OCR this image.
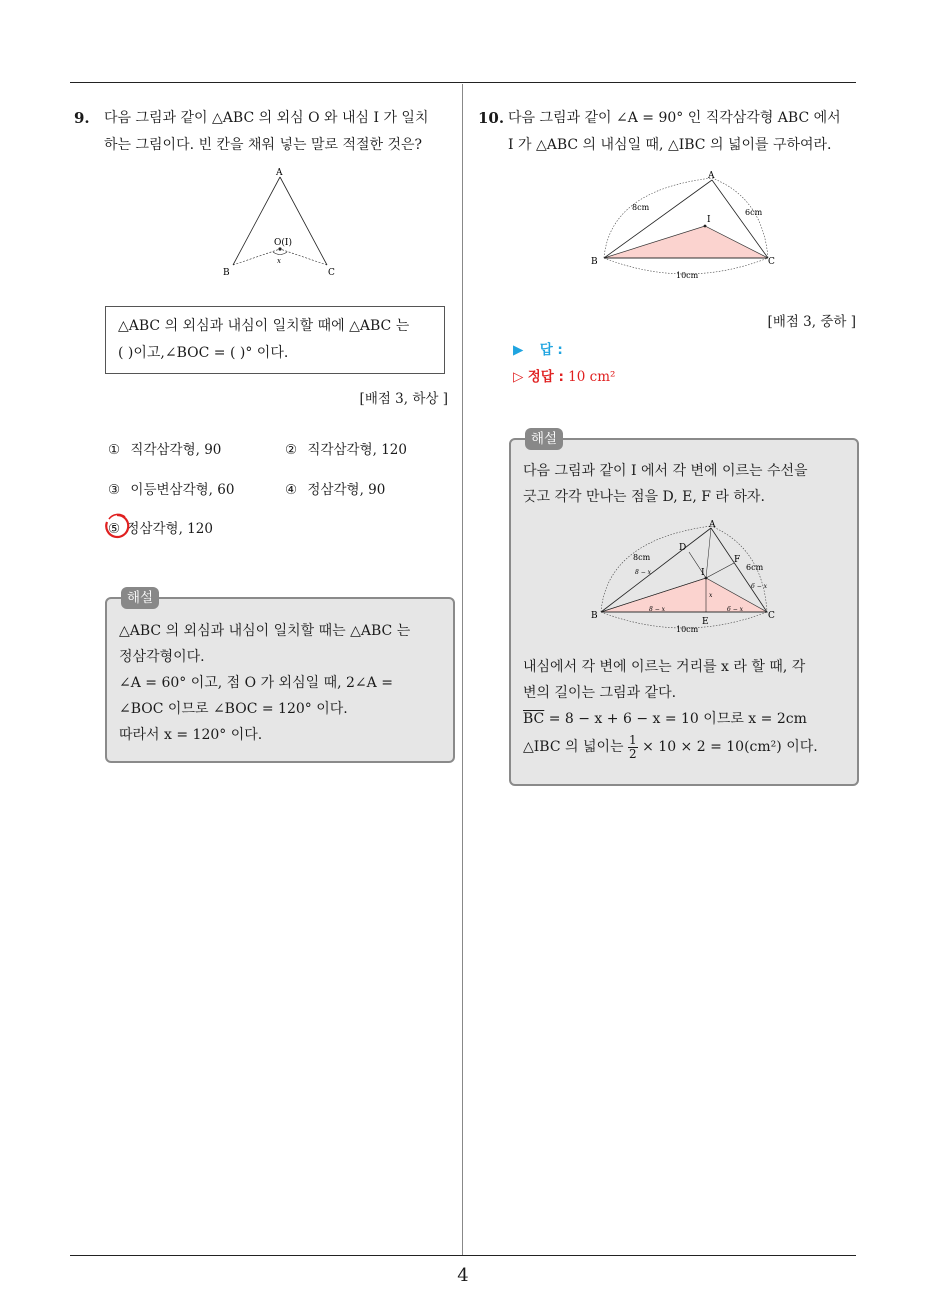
4
9.	다음 그림과 같이 △ABC 의 외심 O 와 내심 I 가 일치
하는 그림이다. 빈 칸을 채워 넣는 말로 적절한 것은?
A
B	C
O(I)
x
△ABC 의 외심과 내심이 일치할 때에 △ABC 는
( )이고,∠BOC = ( )° 이다.
[배점 3, 하상 ]
① 직각삼각형, 90	② 직각삼각형, 120
③ 이등변삼각형, 60	④ 정삼각형, 90
⑤ 정삼각형, 120
해설
△ABC 의 외심과 내심이 일치할 때는 △ABC 는
정삼각형이다.
∠A = 60° 이고, 점 O 가 외심일 때, 2∠A =
∠BOC 이므로 ∠BOC = 120° 이다.
따라서 x = 120° 이다.
10. 다음 그림과 같이 ∠A = 90° 인 직각삼각형 ABC 에서
I 가 △ABC 의 내심일 때, △IBC 의 넓이를 구하여라.
A
B	C
I
8cm
6cm
10cm
[배점 3, 중하 ]
▶ 답 :
▷ 정답 : 10 cm²
해설
다음 그림과 같이 I 에서 각 변에 이르는 수선을
긋고 각각 만나는 점을 D, E, F 라 하자.
A
B	C
D
E
F
I
8cm
6cm
10cm
8 − x
6 − x
8 − x	6 − x
x
내심에서 각 변에 이르는 거리를 x 라 할 때, 각
변의 길이는 그림과 같다.
$\overline{BC} = 8 - x + 6 - x = 10$ 이므로 x = 2cm
△IBC 의 넓이는 $\frac{1}{2} \times 10 \times 2 = 10(cm^2)$ 이다.
